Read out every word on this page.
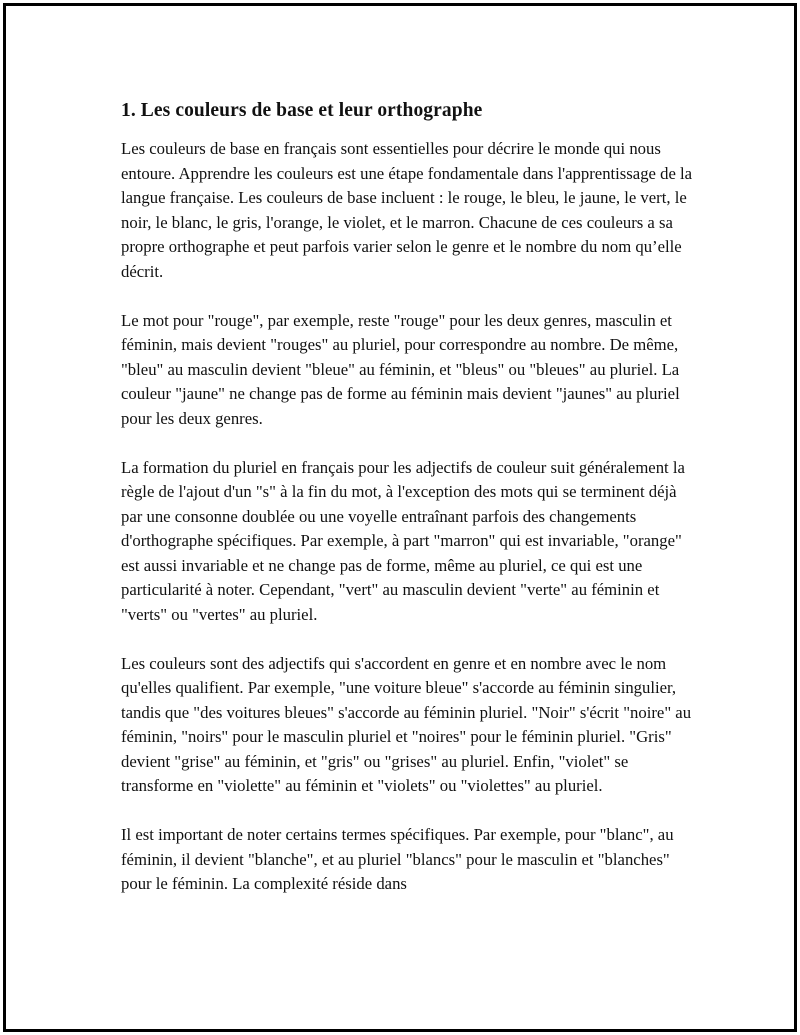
1. Les couleurs de base et leur orthographe

Les couleurs de base en français sont essentielles pour décrire le monde qui nous entoure. Apprendre les couleurs est une étape fondamentale dans l'apprentissage de la langue française. Les couleurs de base incluent : le rouge, le bleu, le jaune, le vert, le noir, le blanc, le gris, l'orange, le violet, et le marron. Chacune de ces couleurs a sa propre orthographe et peut parfois varier selon le genre et le nombre du nom qu’elle décrit.

Le mot pour "rouge", par exemple, reste "rouge" pour les deux genres, masculin et féminin, mais devient "rouges" au pluriel, pour correspondre au nombre. De même, "bleu" au masculin devient "bleue" au féminin, et "bleus" ou "bleues" au pluriel. La couleur "jaune" ne change pas de forme au féminin mais devient "jaunes" au pluriel pour les deux genres.

La formation du pluriel en français pour les adjectifs de couleur suit généralement la règle de l'ajout d'un "s" à la fin du mot, à l'exception des mots qui se terminent déjà par une consonne doublée ou une voyelle entraînant parfois des changements d'orthographe spécifiques. Par exemple, à part "marron" qui est invariable, "orange" est aussi invariable et ne change pas de forme, même au pluriel, ce qui est une particularité à noter. Cependant, "vert" au masculin devient "verte" au féminin et "verts" ou "vertes" au pluriel.

Les couleurs sont des adjectifs qui s'accordent en genre et en nombre avec le nom qu'elles qualifient. Par exemple, "une voiture bleue" s'accorde au féminin singulier, tandis que "des voitures bleues" s'accorde au féminin pluriel. "Noir" s'écrit "noire" au féminin, "noirs" pour le masculin pluriel et "noires" pour le féminin pluriel. "Gris" devient "grise" au féminin, et "gris" ou "grises" au pluriel. Enfin, "violet" se transforme en "violette" au féminin et "violets" ou "violettes" au pluriel.

Il est important de noter certains termes spécifiques. Par exemple, pour "blanc", au féminin, il devient "blanche", et au pluriel "blancs" pour le masculin et "blanches" pour le féminin. La complexité réside dans
